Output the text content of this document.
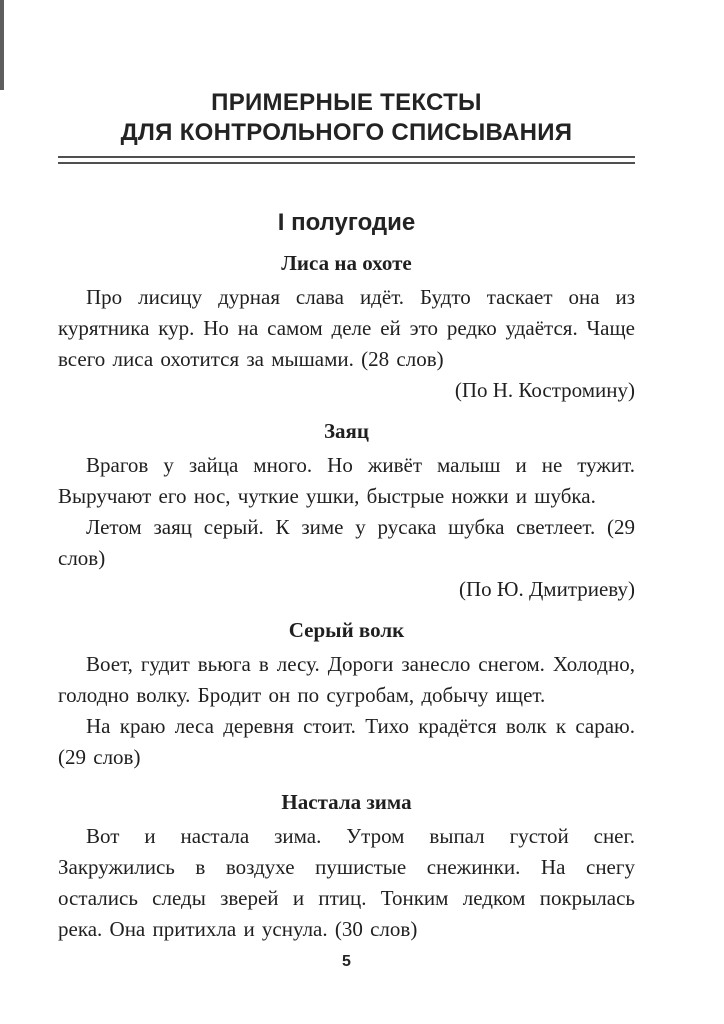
ПРИМЕРНЫЕ ТЕКСТЫ
ДЛЯ КОНТРОЛЬНОГО СПИСЫВАНИЯ
I полугодие
Лиса на охоте

Про лисицу дурная слава идёт. Будто таскает она из курятника кур. Но на самом деле ей это редко удаётся. Чаще всего лиса охотится за мышами. (28 слов)

(По Н. Костромину)

Заяц

Врагов у зайца много. Но живёт малыш и не тужит. Выручают его нос, чуткие ушки, быстрые ножки и шубка.

Летом заяц серый. К зиме у русака шубка светлеет. (29 слов)

(По Ю. Дмитриеву)

Серый волк

Воет, гудит вьюга в лесу. Дороги занесло снегом. Холодно, голодно волку. Бродит он по сугробам, добычу ищет.

На краю леса деревня стоит. Тихо крадётся волк к сараю. (29 слов)

Настала зима

Вот и настала зима. Утром выпал густой снег. Закружились в воздухе пушистые снежинки. На снегу остались следы зверей и птиц. Тонким ледком покрылась река. Она притихла и уснула. (30 слов)

5
